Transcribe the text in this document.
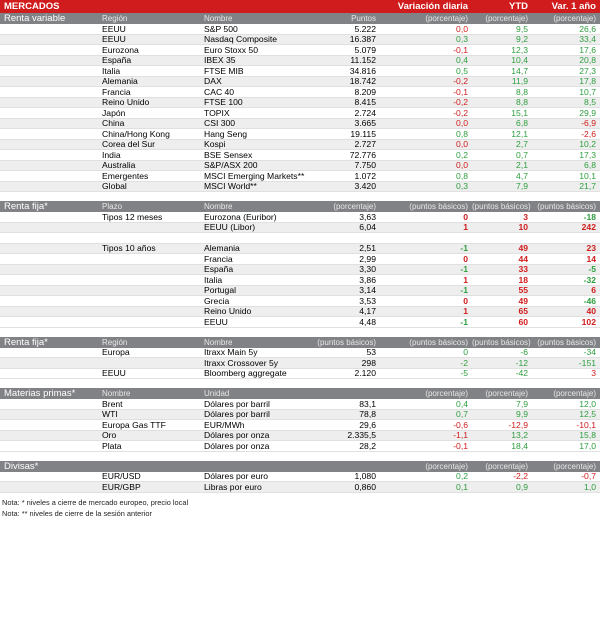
MERCADOS	Variación diaria	YTD	Var. 1 año
Renta variable	Región	Nombre	Puntos	(porcentaje)	(porcentaje)	(porcentaje)
EEUU	S&P 500	5.222	0,0	9,5	26,6
EEUU	Nasdaq Composite	16.387	0,3	9,2	33,4
Eurozona	Euro Stoxx 50	5.079	-0,1	12,3	17,6
España	IBEX 35	11.152	0,4	10,4	20,8
Italia	FTSE MIB	34.816	0,5	14,7	27,3
Alemania	DAX	18.742	-0,2	11,9	17,8
Francia	CAC 40	8.209	-0,1	8,8	10,7
Reino Unido	FTSE 100	8.415	-0,2	8,8	8,5
Japón	TOPIX	2.724	-0,2	15,1	29,9
China	CSI 300	3.665	0,0	6,8	-6,9
China/Hong Kong	Hang Seng	19.115	0,8	12,1	-2,6
Corea del Sur	Kospi	2.727	0,0	2,7	10,2
India	BSE Sensex	72.776	0,2	0,7	17,3
Australia	S&P/ASX 200	7.750	0,0	2,1	6,8
Emergentes	MSCI Emerging Markets**	1.072	0,8	4,7	10,1
Global	MSCI World**	3.420	0,3	7,9	21,7
Renta fija*	Plazo	Nombre	(porcentaje)	(puntos básicos) (puntos básicos) (puntos básicos)
Tipos 12 meses	Eurozona (Euribor)	3,63	0	3	-18
EEUU (Libor)	6,04	1	10	242
Tipos 10 años	Alemania	2,51	-1	49	23
Francia	2,99	0	44	14
España	3,30	-1	33	-5
Italia	3,86	1	18	-32
Portugal	3,14	-1	55	6
Grecia	3,53	0	49	-46
Reino Unido	4,17	1	65	40
EEUU	4,48	-1	60	102
Renta fija*	Región	Nombre	(puntos básicos)	(puntos básicos) (puntos básicos) (puntos básicos)
Europa	Itraxx Main 5y	53	0	-6	-34
Itraxx Crossover 5y	298	-2	-12	-151
EEUU	Bloomberg aggregate	2.120	-5	-42	3
Materias primas*	Nombre	Unidad	(porcentaje)	(porcentaje)	(porcentaje)
Brent	Dólares por barril	83,1	0,4	7,9	12,0
WTI	Dólares por barril	78,8	0,7	9,9	12,5
Europa Gas TTF	EUR/MWh	29,6	-0,6	-12,9	-10,1
Oro	Dólares por onza	2.335,5	-1,1	13,2	15,8
Plata	Dólares por onza	28,2	-0,1	18,4	17,0
Divisas*	(porcentaje)	(porcentaje)	(porcentaje)
EUR/USD	Dólares por euro	1,080	0,2	-2,2	-0,7
EUR/GBP	Libras por euro	0,860	0,1	0,9	1,0
Nota: * niveles a cierre de mercado europeo, precio local
Nota: ** niveles de cierre de la sesión anterior
